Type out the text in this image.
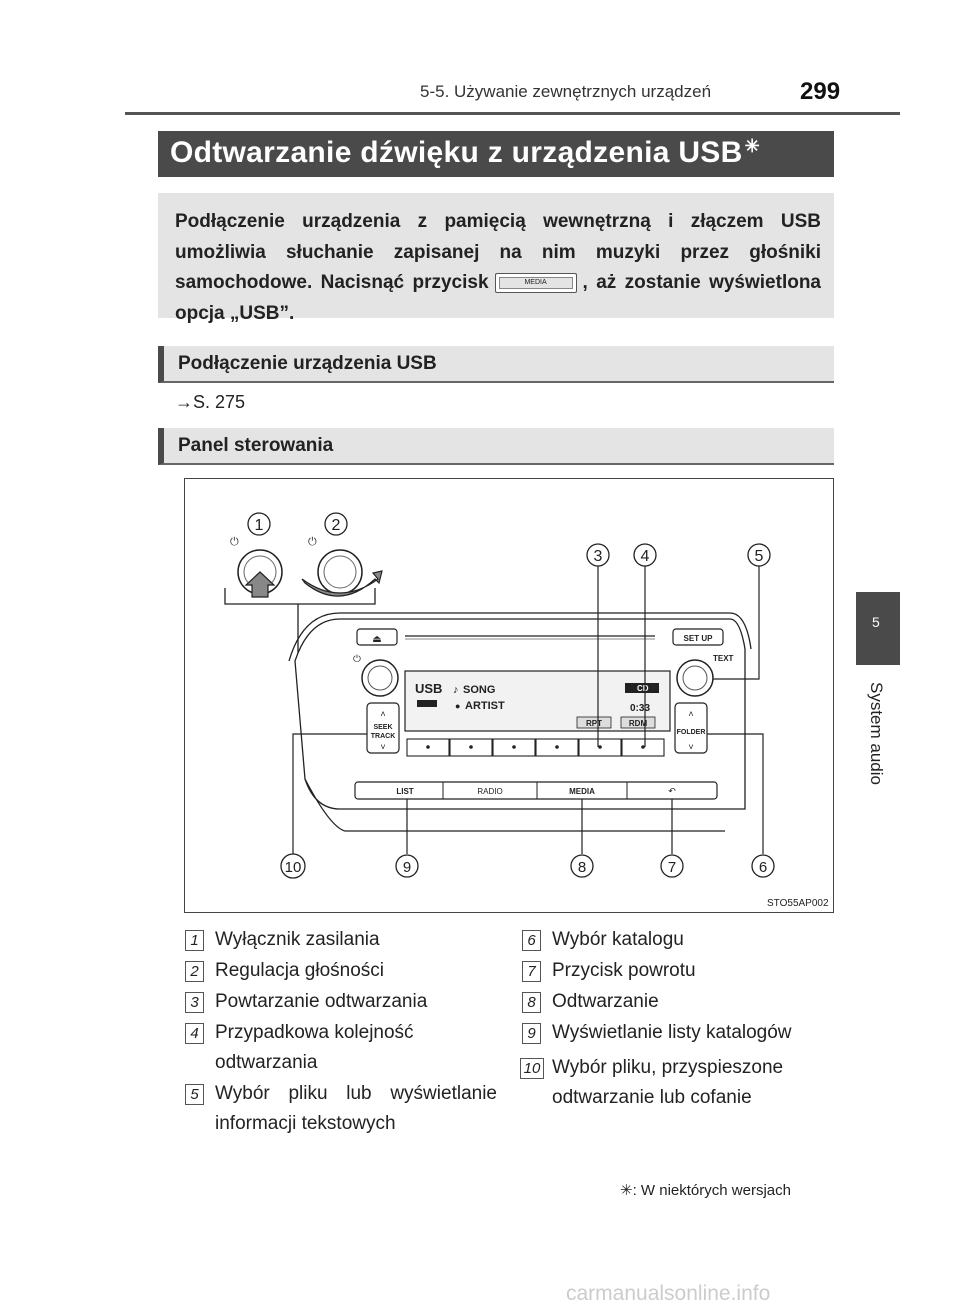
5-5. Używanie zewnętrznych urządzeń	299
Odtwarzanie dźwięku z urządzenia USB ✳
Podłączenie urządzenia z pamięcią wewnętrzną i złączem USB umożliwia słuchanie zapisanej na nim muzyki przez głośniki samochodowe. Nacisnąć przycisk	MEDIA , aż zostanie wyświetlona opcja „USB”.
Podłączenie urządzenia USB
→S. 275
Panel sterowania
⏻	⏻
1	2
3 4	5
⏏	SET UP
TEXT
⏻
USB ♪ SONG
● ARTIST
CD
0:33
RPT	RDM
˄
SEEK
TRACK
˅
˄
FOLDER
˅
LIST	RADIO	MEDIA	↶
10	9	8	7	6
STO55AP002
1 Wyłącznik zasilania
2 Regulacja głośności
3 Powtarzanie odtwarzania
4 Przypadkowa kolejność odtwarzania
5 Wybór pliku lub wyświetlanie informacji tekstowych
6 Wybór katalogu
7 Przycisk powrotu
8 Odtwarzanie
9 Wyświetlanie listy katalogów
10 Wybór pliku, przyspieszone odtwarzanie lub cofanie
5
System audio
✳: W niektórych wersjach
carmanualsonline.info
